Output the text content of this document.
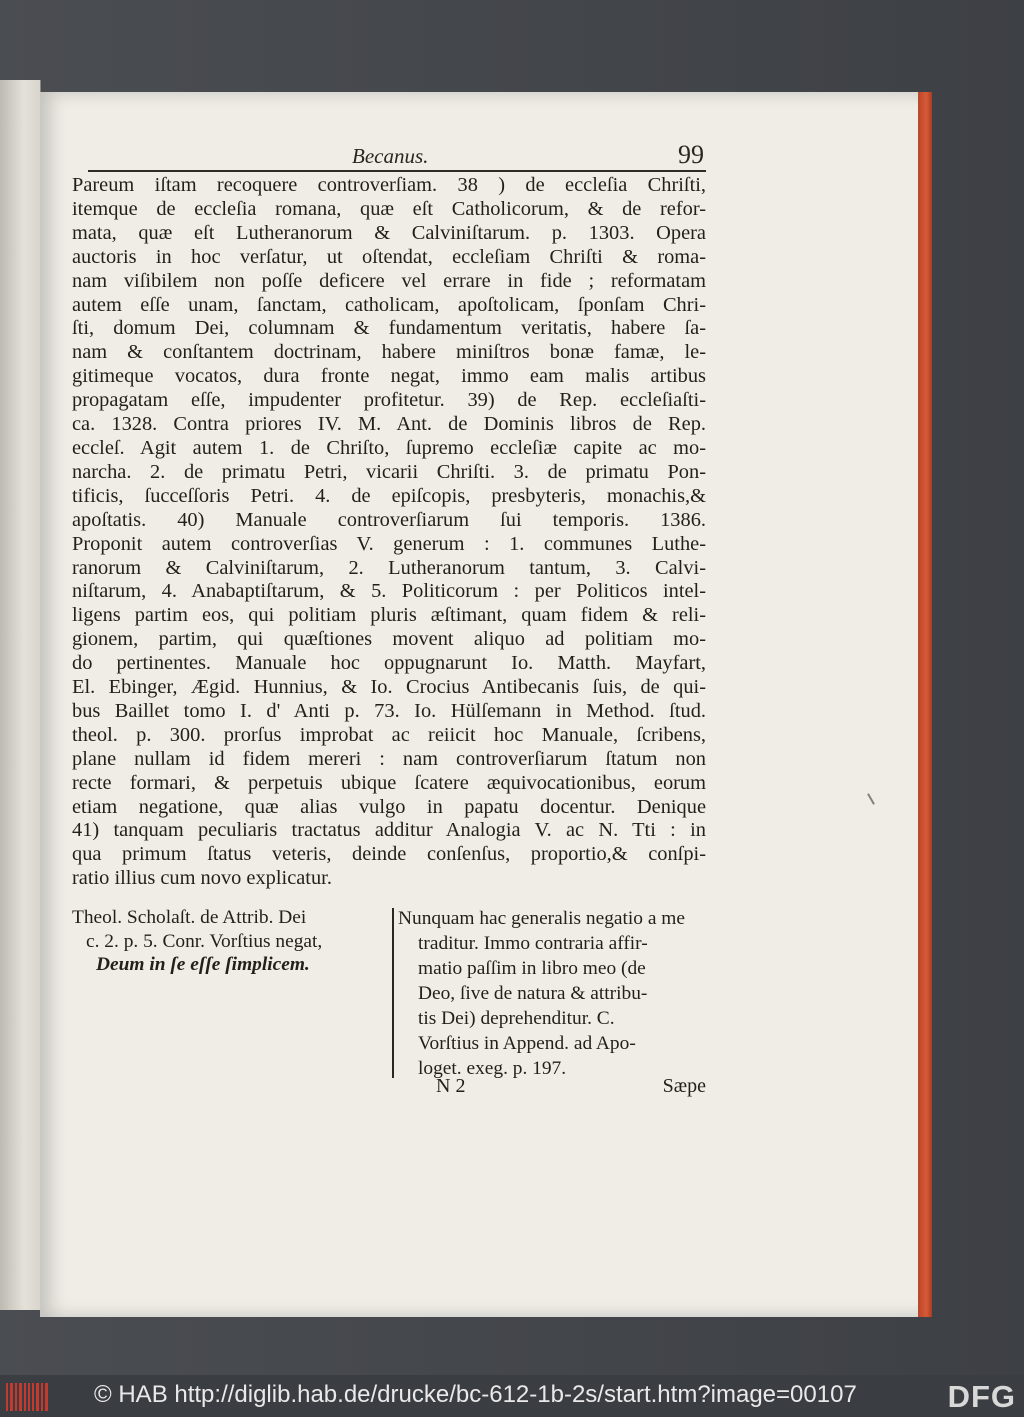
Becanus.	99
Pareum iſtam recoquere controverſiam. 38 ) de eccleſia Chriſti,
itemque de eccleſia romana, quæ eſt Catholicorum, & de refor-
mata, quæ eſt Lutheranorum & Calviniſtarum. p. 1303. Opera
auctoris in hoc verſatur, ut oſtendat, eccleſiam Chriſti & roma-
nam viſibilem non poſſe deficere vel errare in fide ; reformatam
autem eſſe unam, ſanctam, catholicam, apoſtolicam, ſponſam Chri-
ſti, domum Dei, columnam & fundamentum veritatis, habere ſa-
nam & conſtantem doctrinam, habere miniſtros bonæ famæ, le-
gitimeque vocatos, dura fronte negat, immo eam malis artibus
propagatam eſſe, impudenter profitetur. 39) de Rep. eccleſiaſti-
ca. 1328. Contra priores IV. M. Ant. de Dominis libros de Rep.
eccleſ. Agit autem 1. de Chriſto, ſupremo eccleſiæ capite ac mo-
narcha. 2. de primatu Petri, vicarii Chriſti. 3. de primatu Pon-
tificis, ſucceſſoris Petri. 4. de epiſcopis, presbyteris, monachis,&
apoſtatis. 40) Manuale controverſiarum ſui temporis. 1386.
Proponit autem controverſias V. generum : 1. communes Luthe-
ranorum & Calviniſtarum, 2. Lutheranorum tantum, 3. Calvi-
niſtarum, 4. Anabaptiſtarum, & 5. Politicorum : per Politicos intel-
ligens partim eos, qui politiam pluris æſtimant, quam fidem & reli-
gionem, partim, qui quæſtiones movent aliquo ad politiam mo-
do pertinentes. Manuale hoc oppugnarunt Io. Matth. Mayfart,
El. Ebinger, Ægid. Hunnius, & Io. Crocius Antibecanis ſuis, de qui-
bus Baillet tomo I. d' Anti p. 73. Io. Hülſemann in Method. ſtud.
theol. p. 300. prorſus improbat ac reiicit hoc Manuale, ſcribens,
plane nullam id fidem mereri : nam controverſiarum ſtatum non
recte formari, & perpetuis ubique ſcatere æquivocationibus, eorum
etiam negatione, quæ alias vulgo in papatu docentur. Denique
41) tanquam peculiaris tractatus additur Analogia V. ac N. Tti : in
qua primum ſtatus veteris, deinde conſenſus, proportio,& conſpi-
ratio illius cum novo explicatur.
Theol. Scholaſt. de Attrib. Dei
c. 2. p. 5. Conr. Vorſtius negat,
Deum in ſe eſſe ſimplicem.
Nunquam hac generalis negatio a me
traditur. Immo contraria affir-
matio paſſim in libro meo (de
Deo, ſive de natura & attribu-
tis Dei) deprehenditur. C.
Vorſtius in Append. ad Apo-
loget. exeg. p. 197.
N 2	Sæpe
© HAB http://diglib.hab.de/drucke/bc-612-1b-2s/start.htm?image=00107	DFG
